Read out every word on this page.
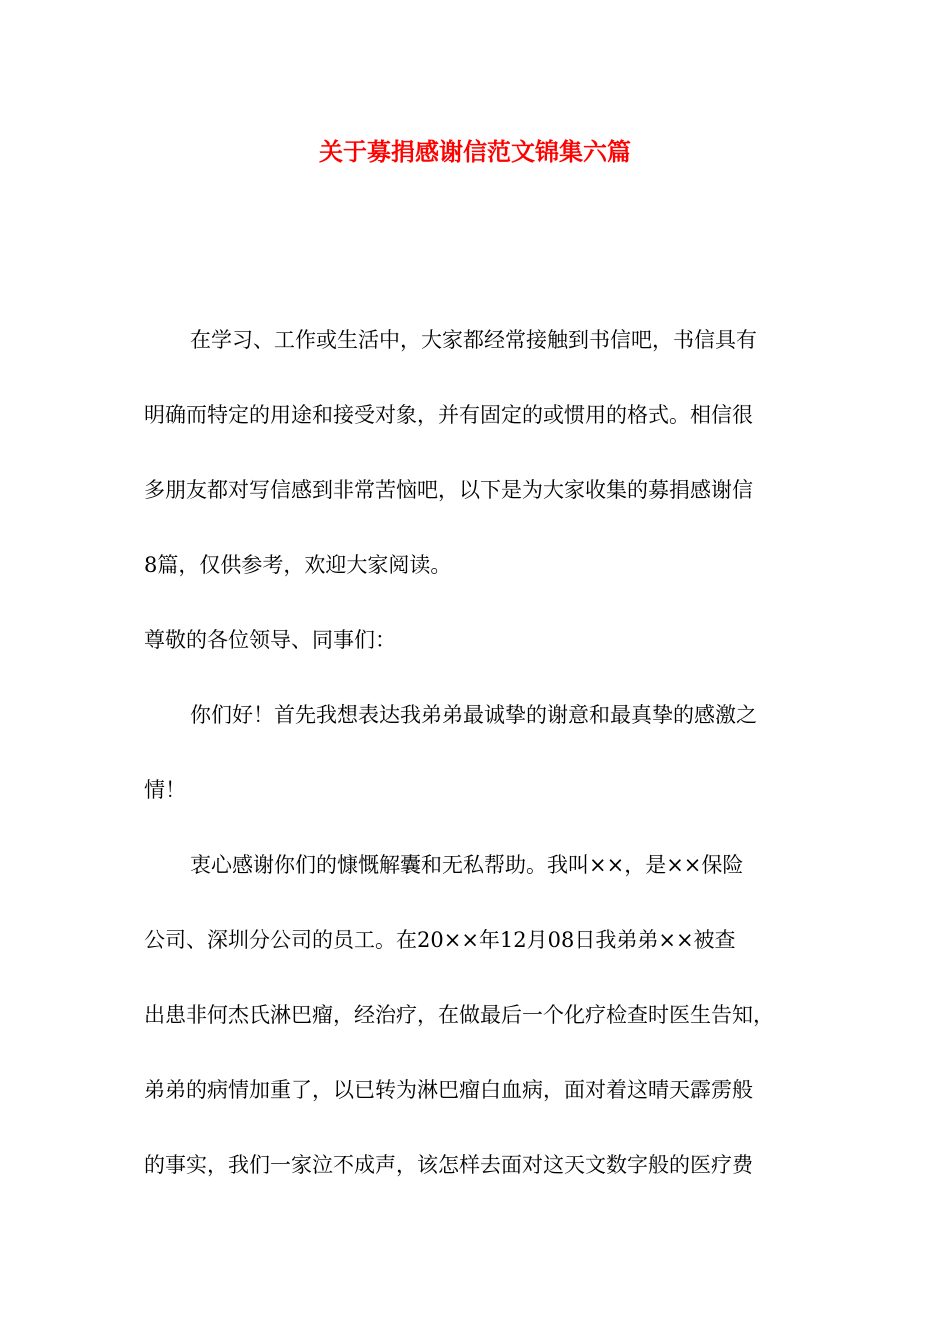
关于募捐感谢信范文锦集六篇
在学习、工作或生活中，大家都经常接触到书信吧，书信具有
明确而特定的用途和接受对象，并有固定的或惯用的格式。相信很
多朋友都对写信感到非常苦恼吧，以下是为大家收集的募捐感谢信
8篇，仅供参考，欢迎大家阅读。
尊敬的各位领导、同事们：
你们好！首先我想表达我弟弟最诚挚的谢意和最真挚的感激之
情！
衷心感谢你们的慷慨解囊和无私帮助。我叫××，是××保险
公司、深圳分公司的员工。在20××年12月08日我弟弟××被查
出患非何杰氏淋巴瘤，经治疗，在做最后一个化疗检查时医生告知，
弟弟的病情加重了，以已转为淋巴瘤白血病，面对着这晴天霹雳般
的事实，我们一家泣不成声，该怎样去面对这天文数字般的医疗费
